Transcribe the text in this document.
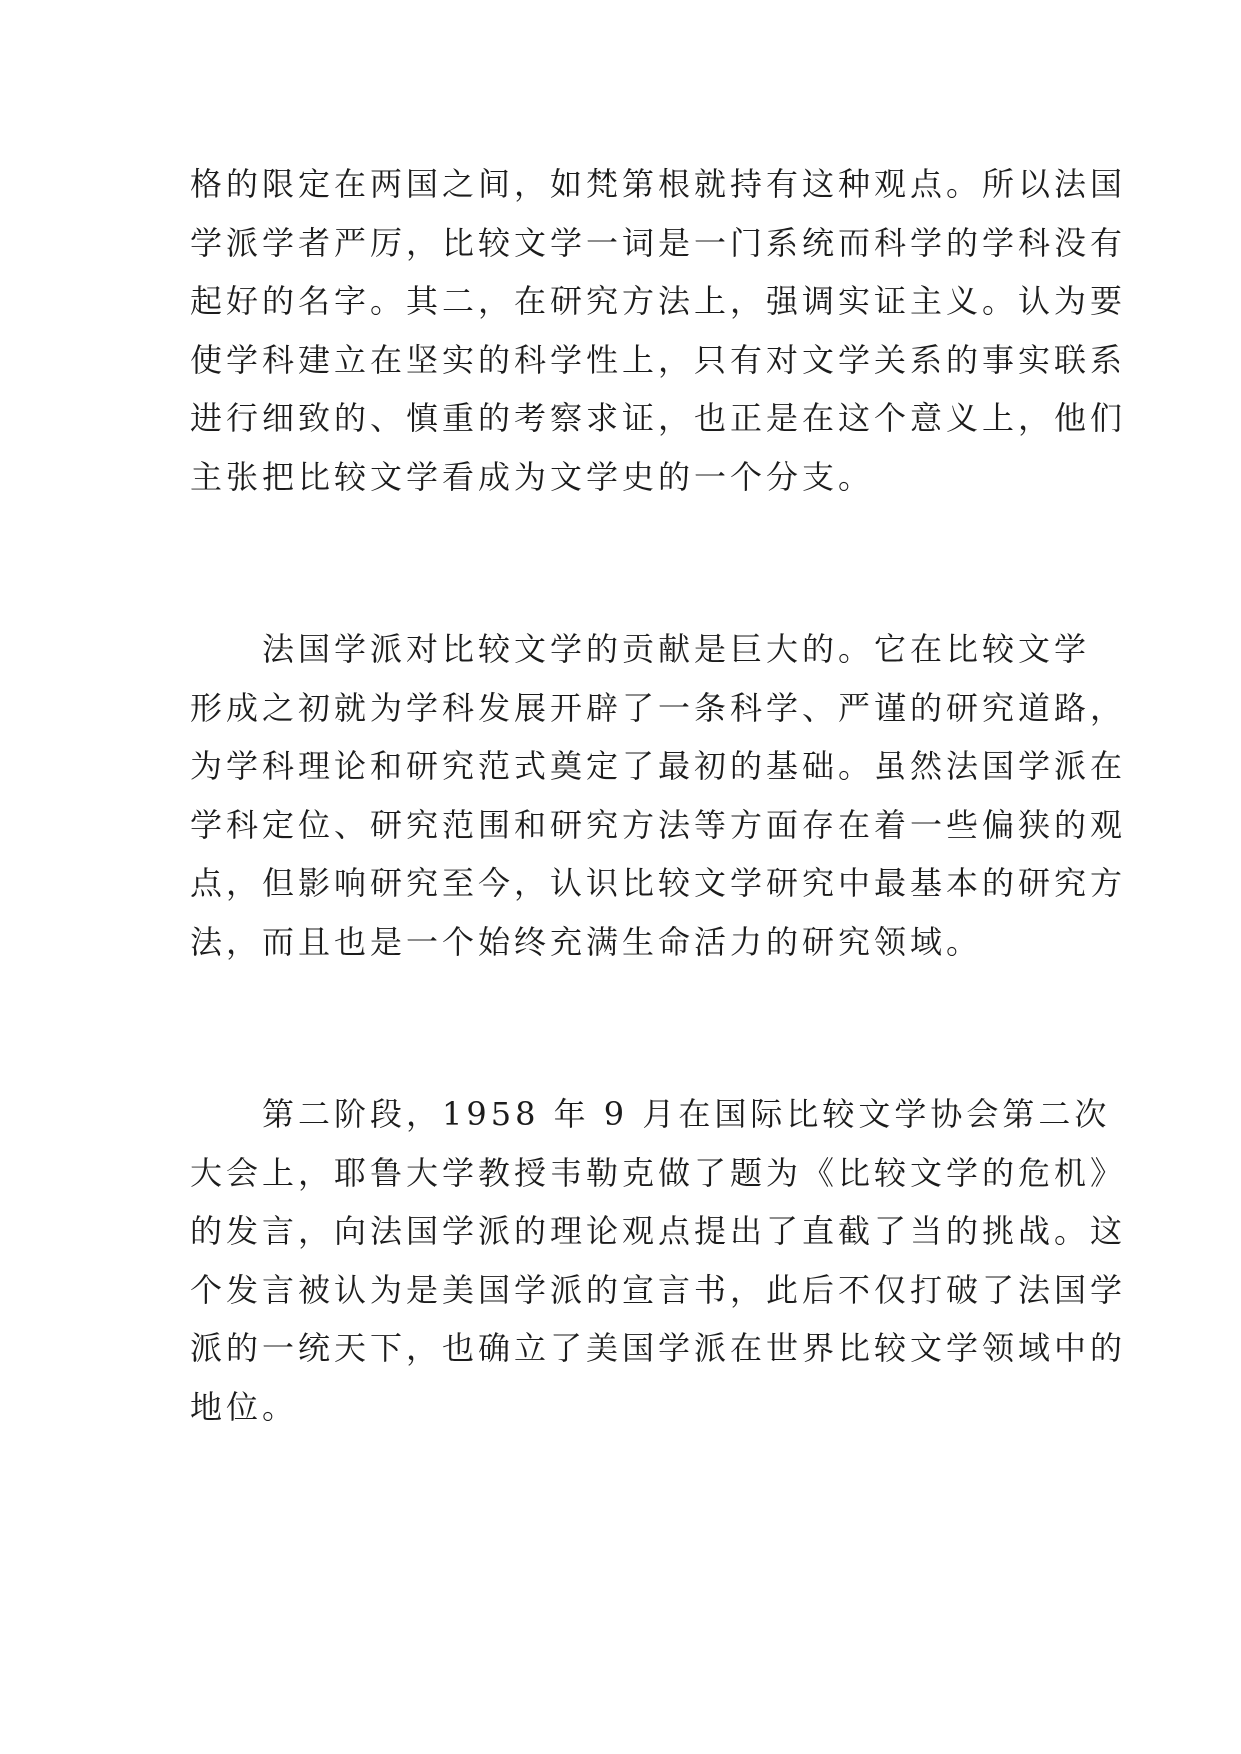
格的限定在两国之间，如梵第根就持有这种观点。所以法国
学派学者严厉，比较文学一词是一门系统而科学的学科没有
起好的名字。其二，在研究方法上，强调实证主义。认为要
使学科建立在坚实的科学性上，只有对文学关系的事实联系
进行细致的、慎重的考察求证，也正是在这个意义上，他们
主张把比较文学看成为文学史的一个分支。

　　法国学派对比较文学的贡献是巨大的。它在比较文学
形成之初就为学科发展开辟了一条科学、严谨的研究道路，
为学科理论和研究范式奠定了最初的基础。虽然法国学派在
学科定位、研究范围和研究方法等方面存在着一些偏狭的观
点，但影响研究至今，认识比较文学研究中最基本的研究方
法，而且也是一个始终充满生命活力的研究领域。

　　第二阶段，1958 年 9 月在国际比较文学协会第二次
大会上，耶鲁大学教授韦勒克做了题为《比较文学的危机》
的发言，向法国学派的理论观点提出了直截了当的挑战。这
个发言被认为是美国学派的宣言书，此后不仅打破了法国学
派的一统天下，也确立了美国学派在世界比较文学领域中的
地位。
